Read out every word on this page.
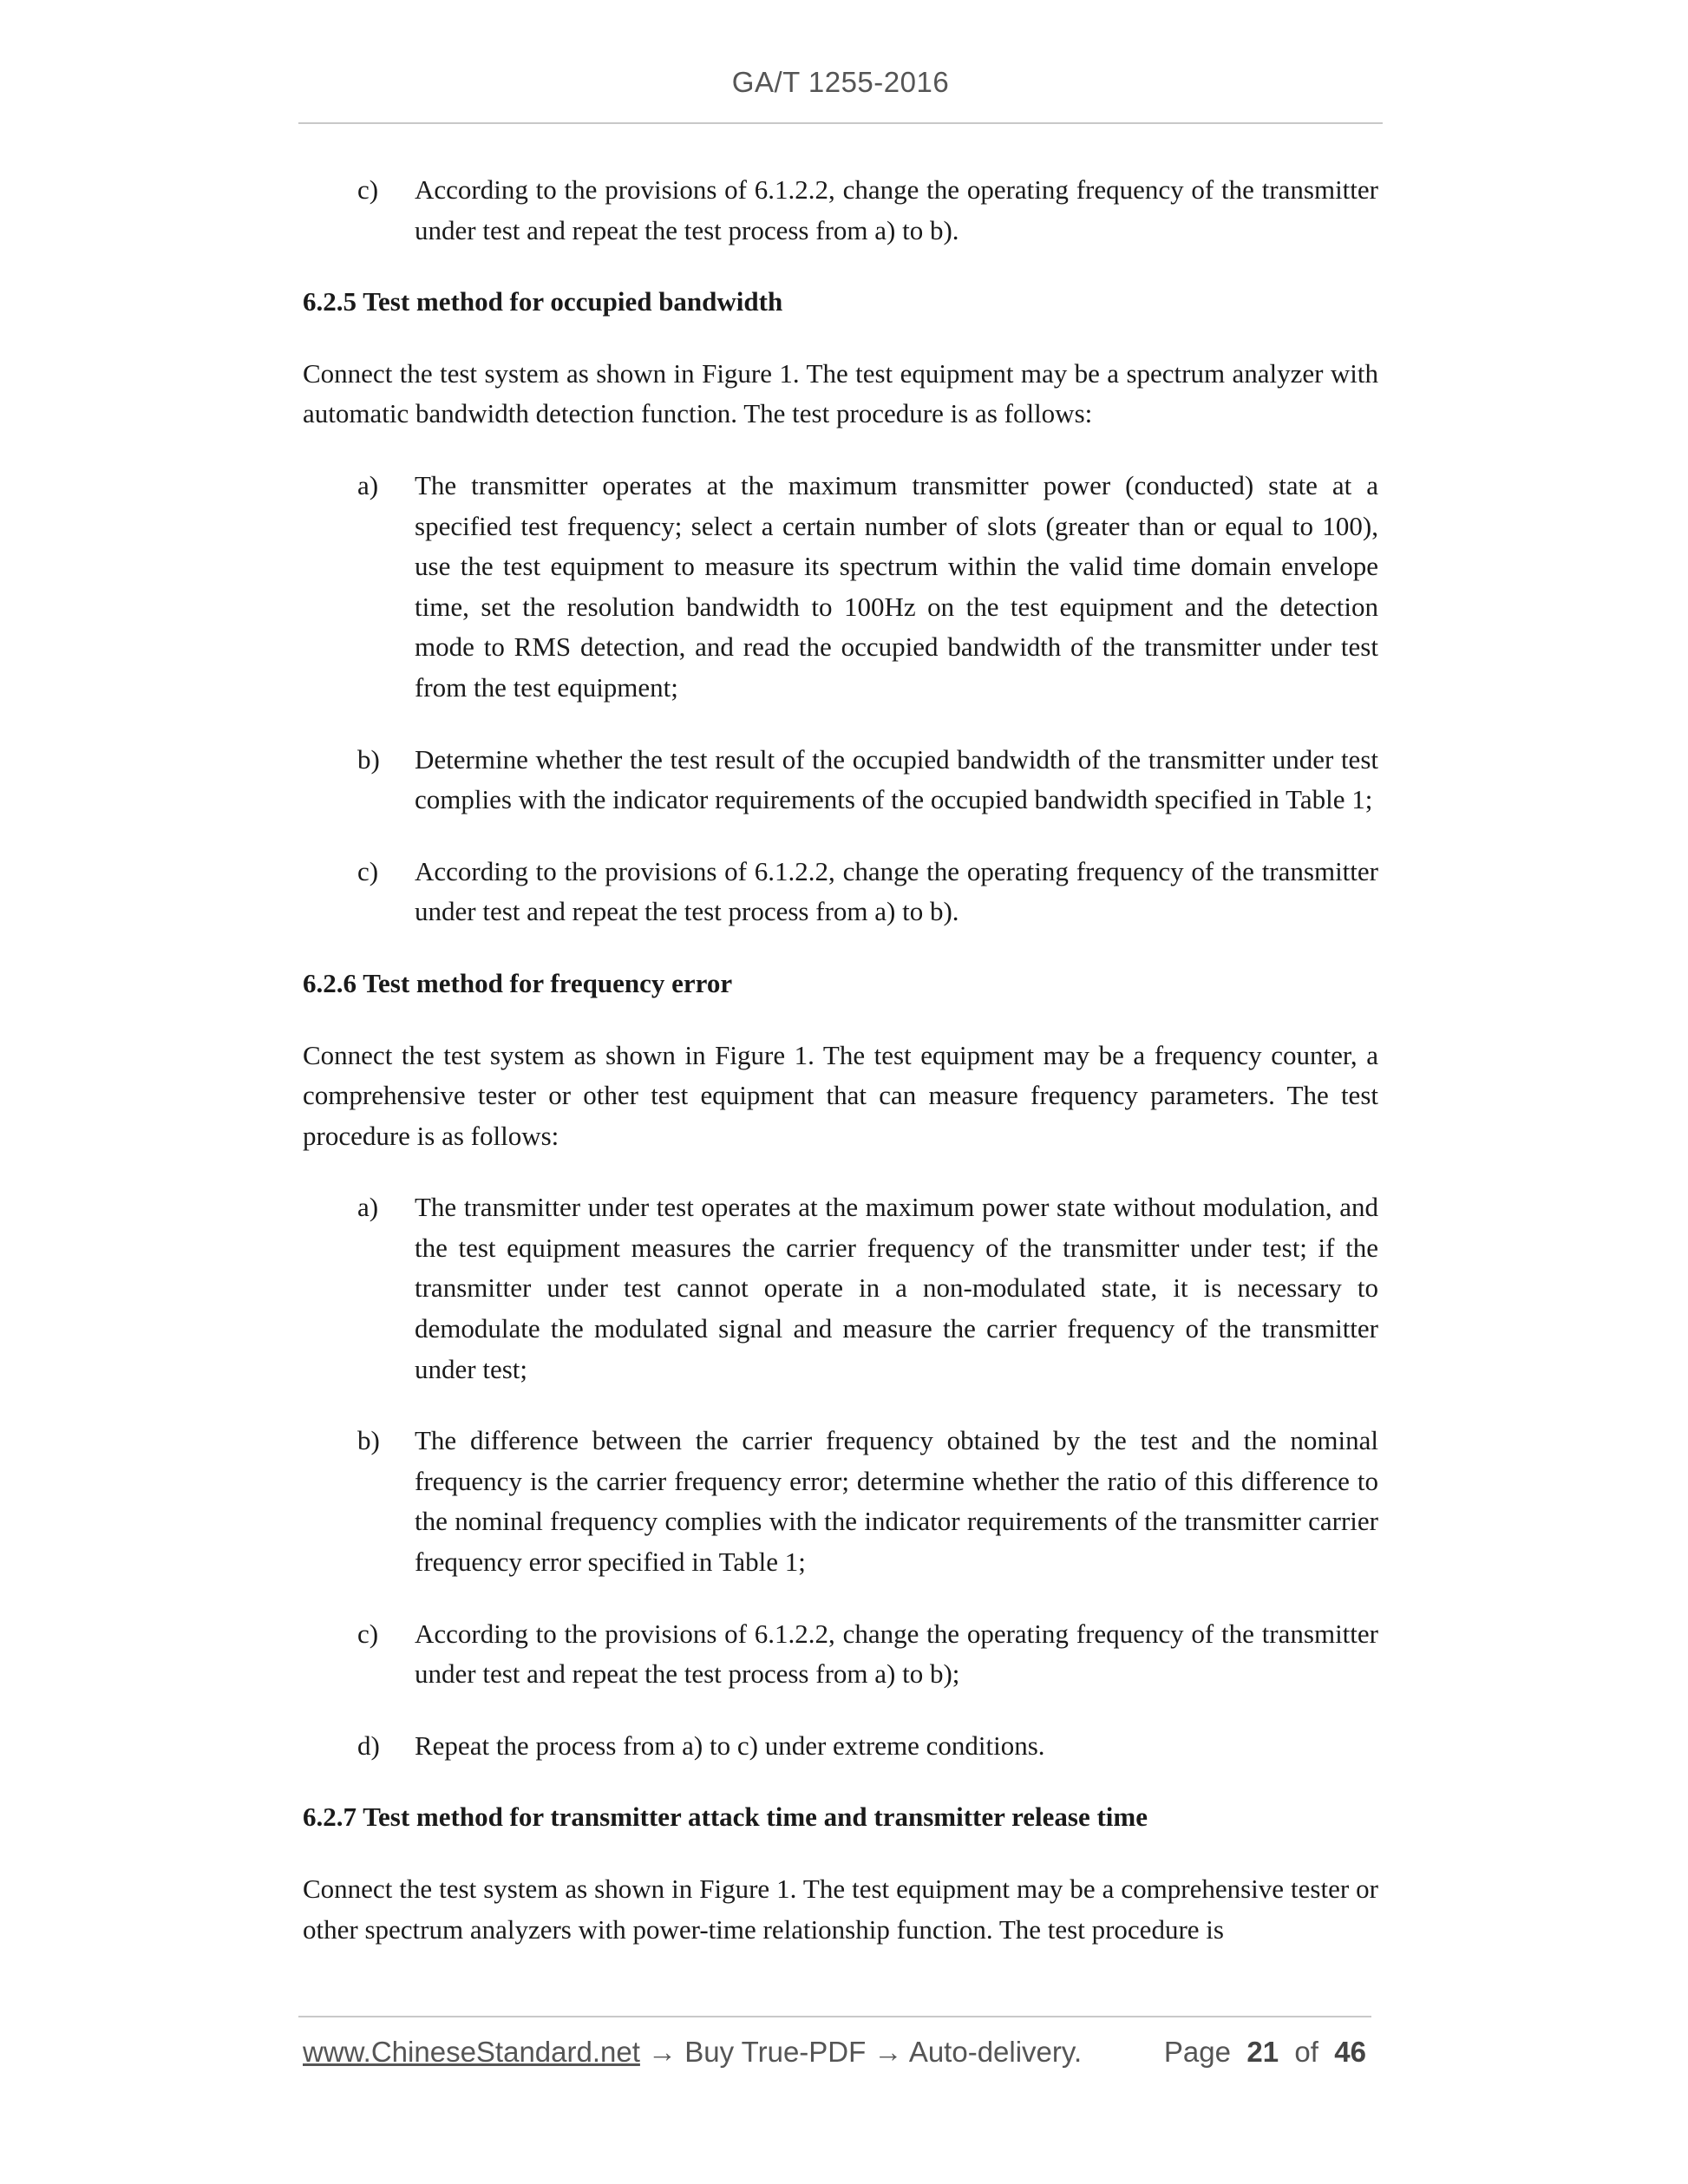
GA/T 1255-2016
c)	According to the provisions of 6.1.2.2, change the operating frequency of the transmitter under test and repeat the test process from a) to b).
6.2.5 Test method for occupied bandwidth
Connect the test system as shown in Figure 1. The test equipment may be a spectrum analyzer with automatic bandwidth detection function. The test procedure is as follows:
a)	The transmitter operates at the maximum transmitter power (conducted) state at a specified test frequency; select a certain number of slots (greater than or equal to 100), use the test equipment to measure its spectrum within the valid time domain envelope time, set the resolution bandwidth to 100Hz on the test equipment and the detection mode to RMS detection, and read the occupied bandwidth of the transmitter under test from the test equipment;
b)	Determine whether the test result of the occupied bandwidth of the transmitter under test complies with the indicator requirements of the occupied bandwidth specified in Table 1;
c)	According to the provisions of 6.1.2.2, change the operating frequency of the transmitter under test and repeat the test process from a) to b).
6.2.6 Test method for frequency error
Connect the test system as shown in Figure 1. The test equipment may be a frequency counter, a comprehensive tester or other test equipment that can measure frequency parameters. The test procedure is as follows:
a)	The transmitter under test operates at the maximum power state without modulation, and the test equipment measures the carrier frequency of the transmitter under test; if the transmitter under test cannot operate in a non-modulated state, it is necessary to demodulate the modulated signal and measure the carrier frequency of the transmitter under test;
b)	The difference between the carrier frequency obtained by the test and the nominal frequency is the carrier frequency error; determine whether the ratio of this difference to the nominal frequency complies with the indicator requirements of the transmitter carrier frequency error specified in Table 1;
c)	According to the provisions of 6.1.2.2, change the operating frequency of the transmitter under test and repeat the test process from a) to b);
d)	Repeat the process from a) to c) under extreme conditions.
6.2.7 Test method for transmitter attack time and transmitter release time
Connect the test system as shown in Figure 1. The test equipment may be a comprehensive tester or other spectrum analyzers with power-time relationship function. The test procedure is
www.ChineseStandard.net → Buy True-PDF → Auto-delivery.	Page 21 of 46
